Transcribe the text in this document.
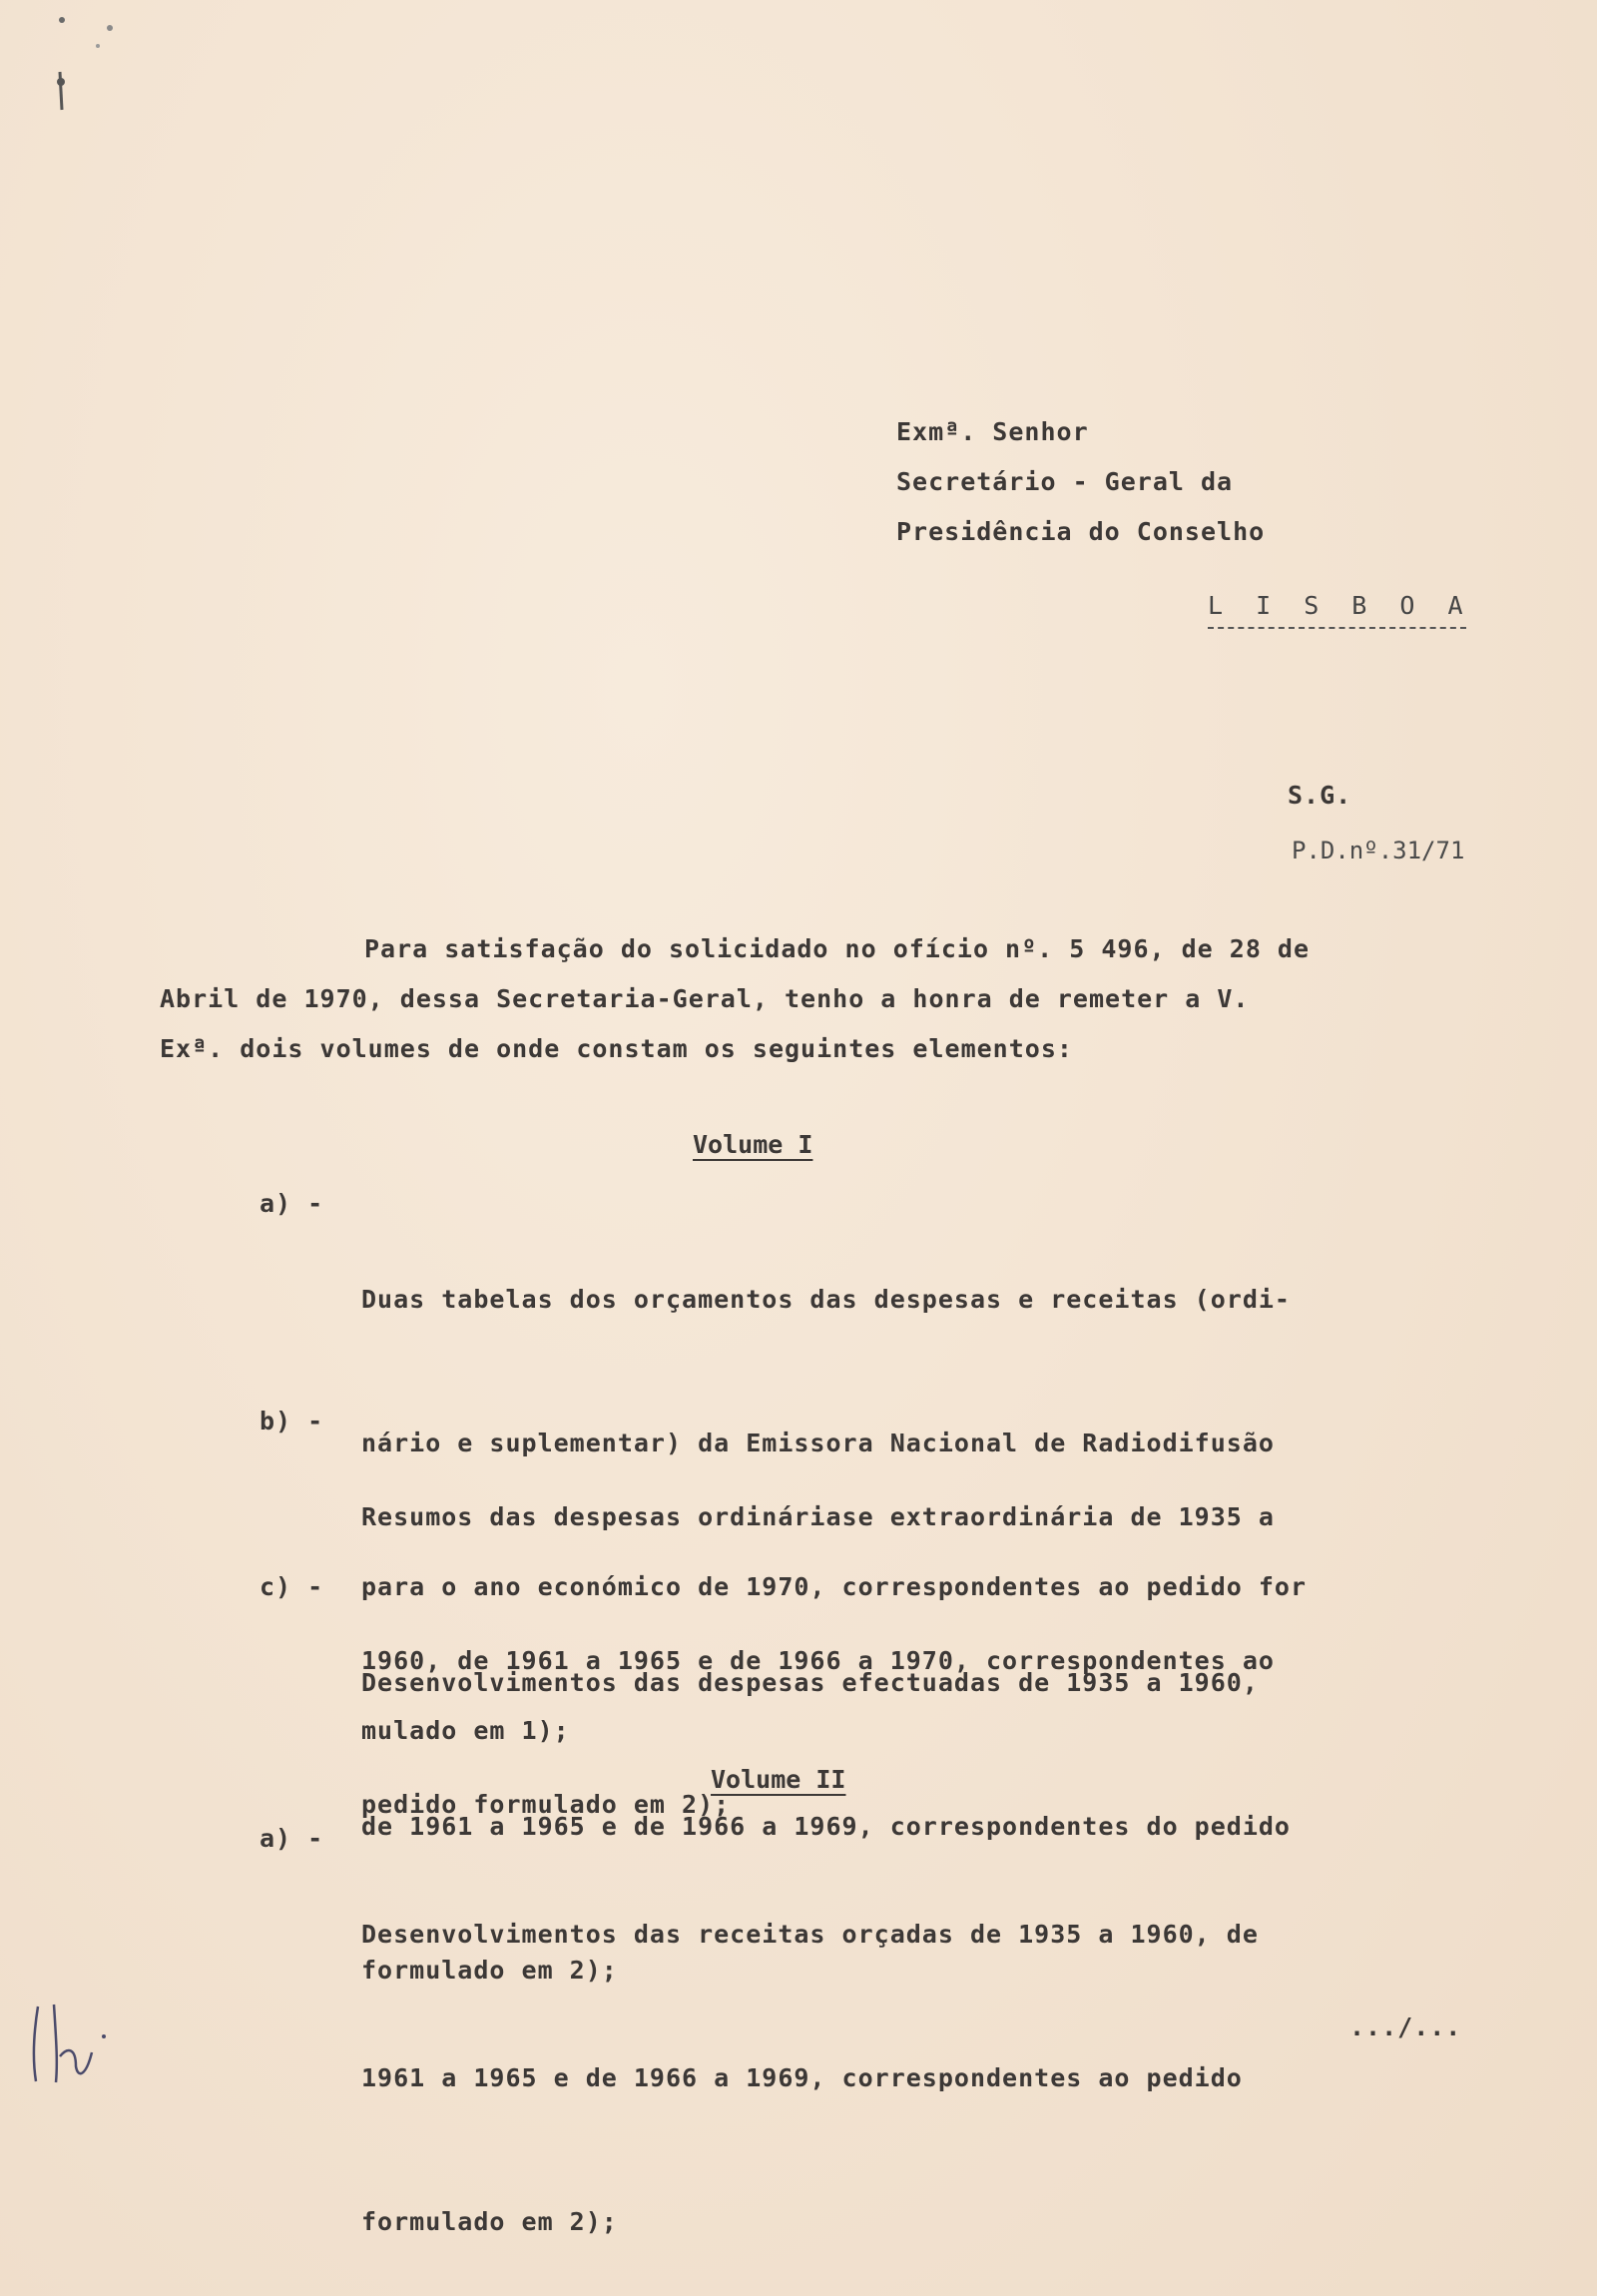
Exmª. Senhor
Secretário - Geral da
Presidência do Conselho
L I S B O A
S.G.
P.D.nº.31/71
Para satisfação do solicidado no ofício nº. 5 496, de 28 de
Abril de 1970, dessa Secretaria-Geral, tenho a honra de remeter a V.
Exª. dois volumes de onde constam os seguintes elementos:
Volume I

a) -

Duas tabelas dos orçamentos das despesas e receitas (ordi-

nário e suplementar) da Emissora Nacional de Radiodifusão

para o ano económico de 1970, correspondentes ao pedido for

mulado em 1);

b) -

Resumos das despesas ordináriase extraordinária de 1935 a

1960, de 1961 a 1965 e de 1966 a 1970, correspondentes ao

pedido formulado em 2);

c) -

Desenvolvimentos das despesas efectuadas de 1935 a 1960,

de 1961 a 1965 e de 1966 a 1969, correspondentes do pedido

formulado em 2);

Volume II

a) -

Desenvolvimentos das receitas orçadas de 1935 a 1960, de

1961 a 1965 e de 1966 a 1969, correspondentes ao pedido

formulado em 2);

.../...
